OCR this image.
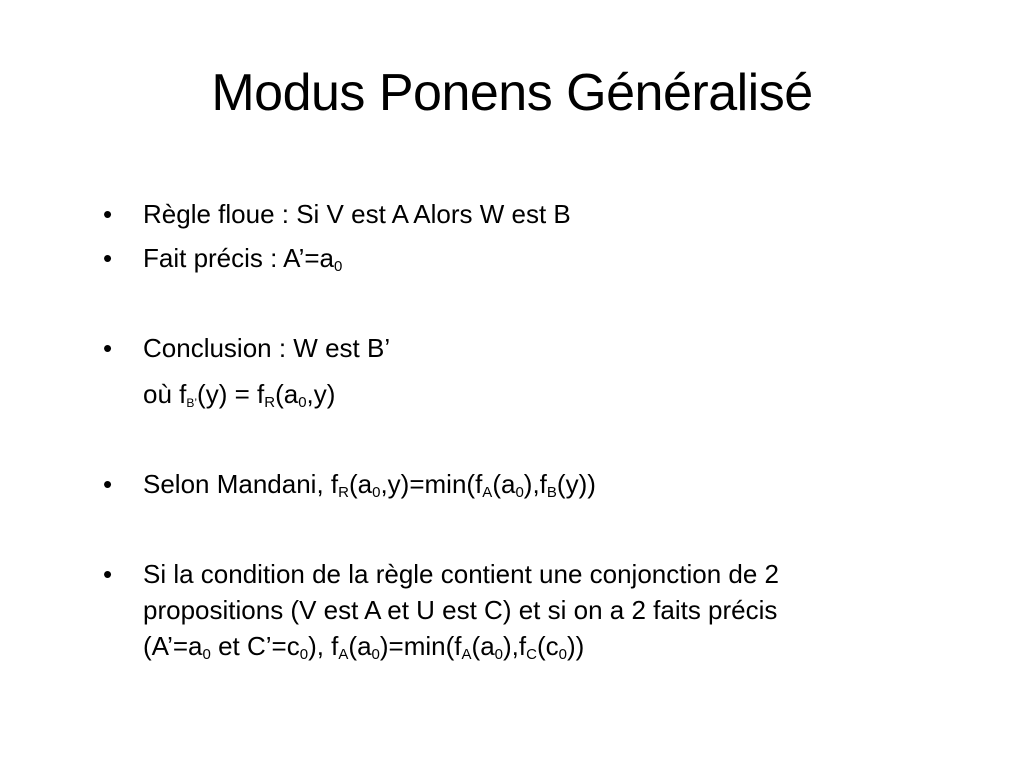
Modus Ponens Généralisé
• Règle floue : Si V est A Alors W est B
• Fait précis : $A’=a_0$
• Conclusion : W est B’
où $f_{B’}(y) = f_R(a_0,y)$
• Selon Mandani, $f_R(a_0,y)=\min(f_A(a_0),f_B(y))$
• Si la condition de la règle contient une conjonction de 2
propositions (V est A et U est C) et si on a 2 faits précis
($A’=a_0$ et $C’=c_0$), $f_A(a_0)=\min(f_A(a_0),f_C(c_0))$
